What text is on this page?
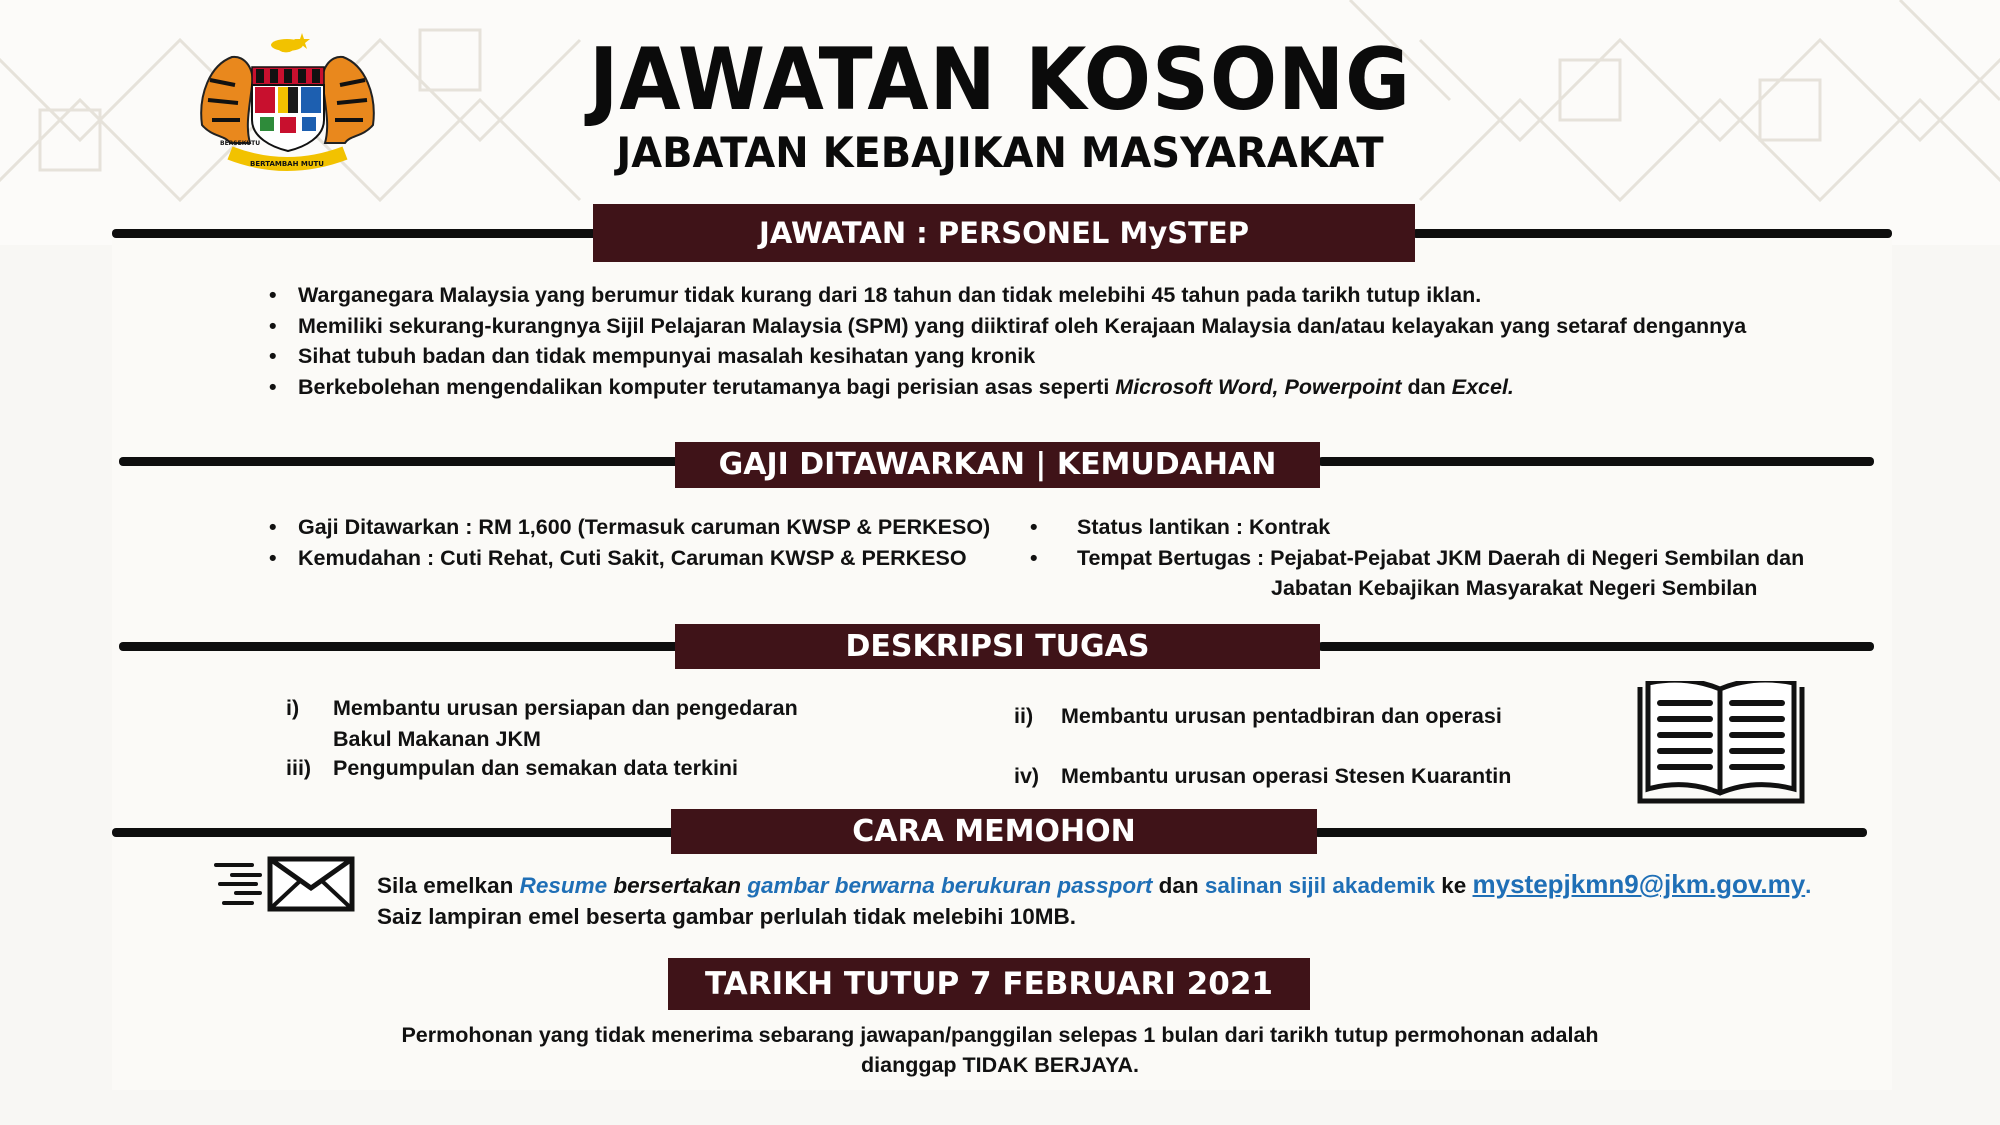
BERTAMBAH MUTU
BERSEKUTU
JAWATAN KOSONG
JABATAN KEBAJIKAN MASYARAKAT
JAWATAN : PERSONEL MySTEP
• Warganegara Malaysia yang berumur tidak kurang dari 18 tahun dan tidak melebihi 45 tahun pada tarikh tutup iklan.
• Memiliki sekurang-kurangnya Sijil Pelajaran Malaysia (SPM) yang diiktiraf oleh Kerajaan Malaysia dan/atau kelayakan yang setaraf dengannya
• Sihat tubuh badan dan tidak mempunyai masalah kesihatan yang kronik
• Berkebolehan mengendalikan komputer terutamanya bagi perisian asas seperti Microsoft Word, Powerpoint dan Excel.
GAJI DITAWARKAN | KEMUDAHAN
• Gaji Ditawarkan : RM 1,600 (Termasuk caruman KWSP & PERKESO)
• Kemudahan : Cuti Rehat, Cuti Sakit, Caruman KWSP & PERKESO
• Status lantikan : Kontrak
• Tempat Bertugas : Pejabat-Pejabat JKM Daerah di Negeri Sembilan dan
Jabatan Kebajikan Masyarakat Negeri Sembilan
DESKRIPSI TUGAS
i) Membantu urusan persiapan dan pengedaran
Bakul Makanan JKM
iii) Pengumpulan dan semakan data terkini
ii) Membantu urusan pentadbiran dan operasi
iv) Membantu urusan operasi Stesen Kuarantin
CARA MEMOHON
Sila emelkan Resume bersertakan gambar berwarna berukuran passport dan salinan sijil akademik ke mystepjkmn9@jkm.gov.my.
Saiz lampiran emel beserta gambar perlulah tidak melebihi 10MB.
TARIKH TUTUP 7 FEBRUARI 2021
Permohonan yang tidak menerima sebarang jawapan/panggilan selepas 1 bulan dari tarikh tutup permohonan adalah
dianggap TIDAK BERJAYA.
